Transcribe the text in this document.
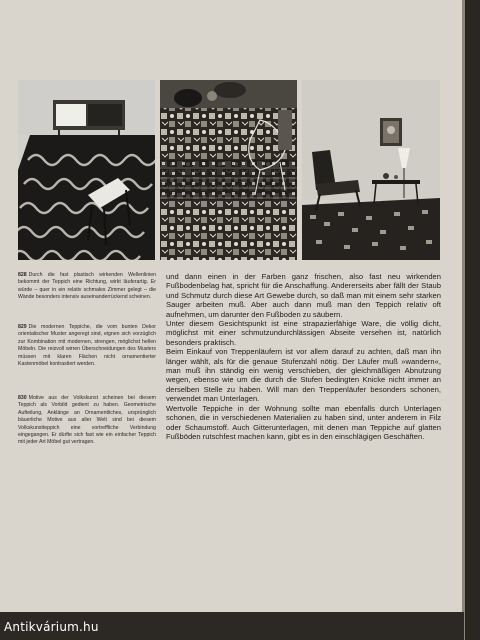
828 Durch die fast plastisch wirkenden Wellenlinien bekommt der Teppich eine Richtung, wirkt läuferartig. Er würde – quer in ein relativ schmales Zimmer gelegt – die Wände besonders intensiv auseinanderrückend scheinen.
829 Die modernen Teppiche, die vom bunten Dekor orientalischer Muster angeregt sind, eignen sich vorzüglich zur Kombination mit modernen, strengen, möglichst hellen Möbeln. Die reizvoll wirren Überschneidungen des Musters müssen mit klaren Flächen nicht ornamentierter Kastenmöbel kontrastiert werden.
830 Motive aus der Volkskunst scheinen bei diesem Teppich als Vorbild gedient zu haben. Geometrische Aufteilung, Anklänge an Ornamentliches, ursprünglich bäuerliche Motive aus aller Welt sind bei diesem Volkskunstteppich eine vortreffliche Verbindung eingegangen. Er dürfte sich fast wie ein einfacher Teppich mit jeder Art Möbel gut vertragen.

und dann einen in der Farben ganz frischen, also fast neu wirkenden Fußbodenbelag hat, spricht für die Anschaffung. Andererseits aber fällt der Staub und Schmutz durch diese Art Gewebe durch, so daß man mit einem sehr starken Sauger arbeiten muß. Aber auch dann muß man den Teppich relativ oft aufnehmen, um darunter den Fußboden zu säubern.

Unter diesem Gesichtspunkt ist eine strapazierfähige Ware, die völlig dicht, möglichst mit einer schmutzundurchlässigen Abseite versehen ist, natürlich besonders praktisch.

Beim Einkauf von Treppenläufern ist vor allem darauf zu achten, daß man ihn länger wählt, als für die genaue Stufenzahl nötig. Der Läufer muß »wandern«, man muß ihn ständig ein wenig verschieben, der gleichmäßigen Abnutzung wegen, ebenso wie um die durch die Stufen bedingten Knicke nicht immer an derselben Stelle zu haben. Will man den Treppenläufer besonders schonen, verwendet man Unterlagen.

Wertvolle Teppiche in der Wohnung sollte man ebenfalls durch Unterlagen schonen, die in verschiedenen Materialien zu haben sind, unter anderem in Filz oder Schaumstoff. Auch Gitterunterlagen, mit denen man Teppiche auf glatten Fußböden rutschfest machen kann, gibt es in den einschlägigen Geschäften.

Antikvárium.hu
